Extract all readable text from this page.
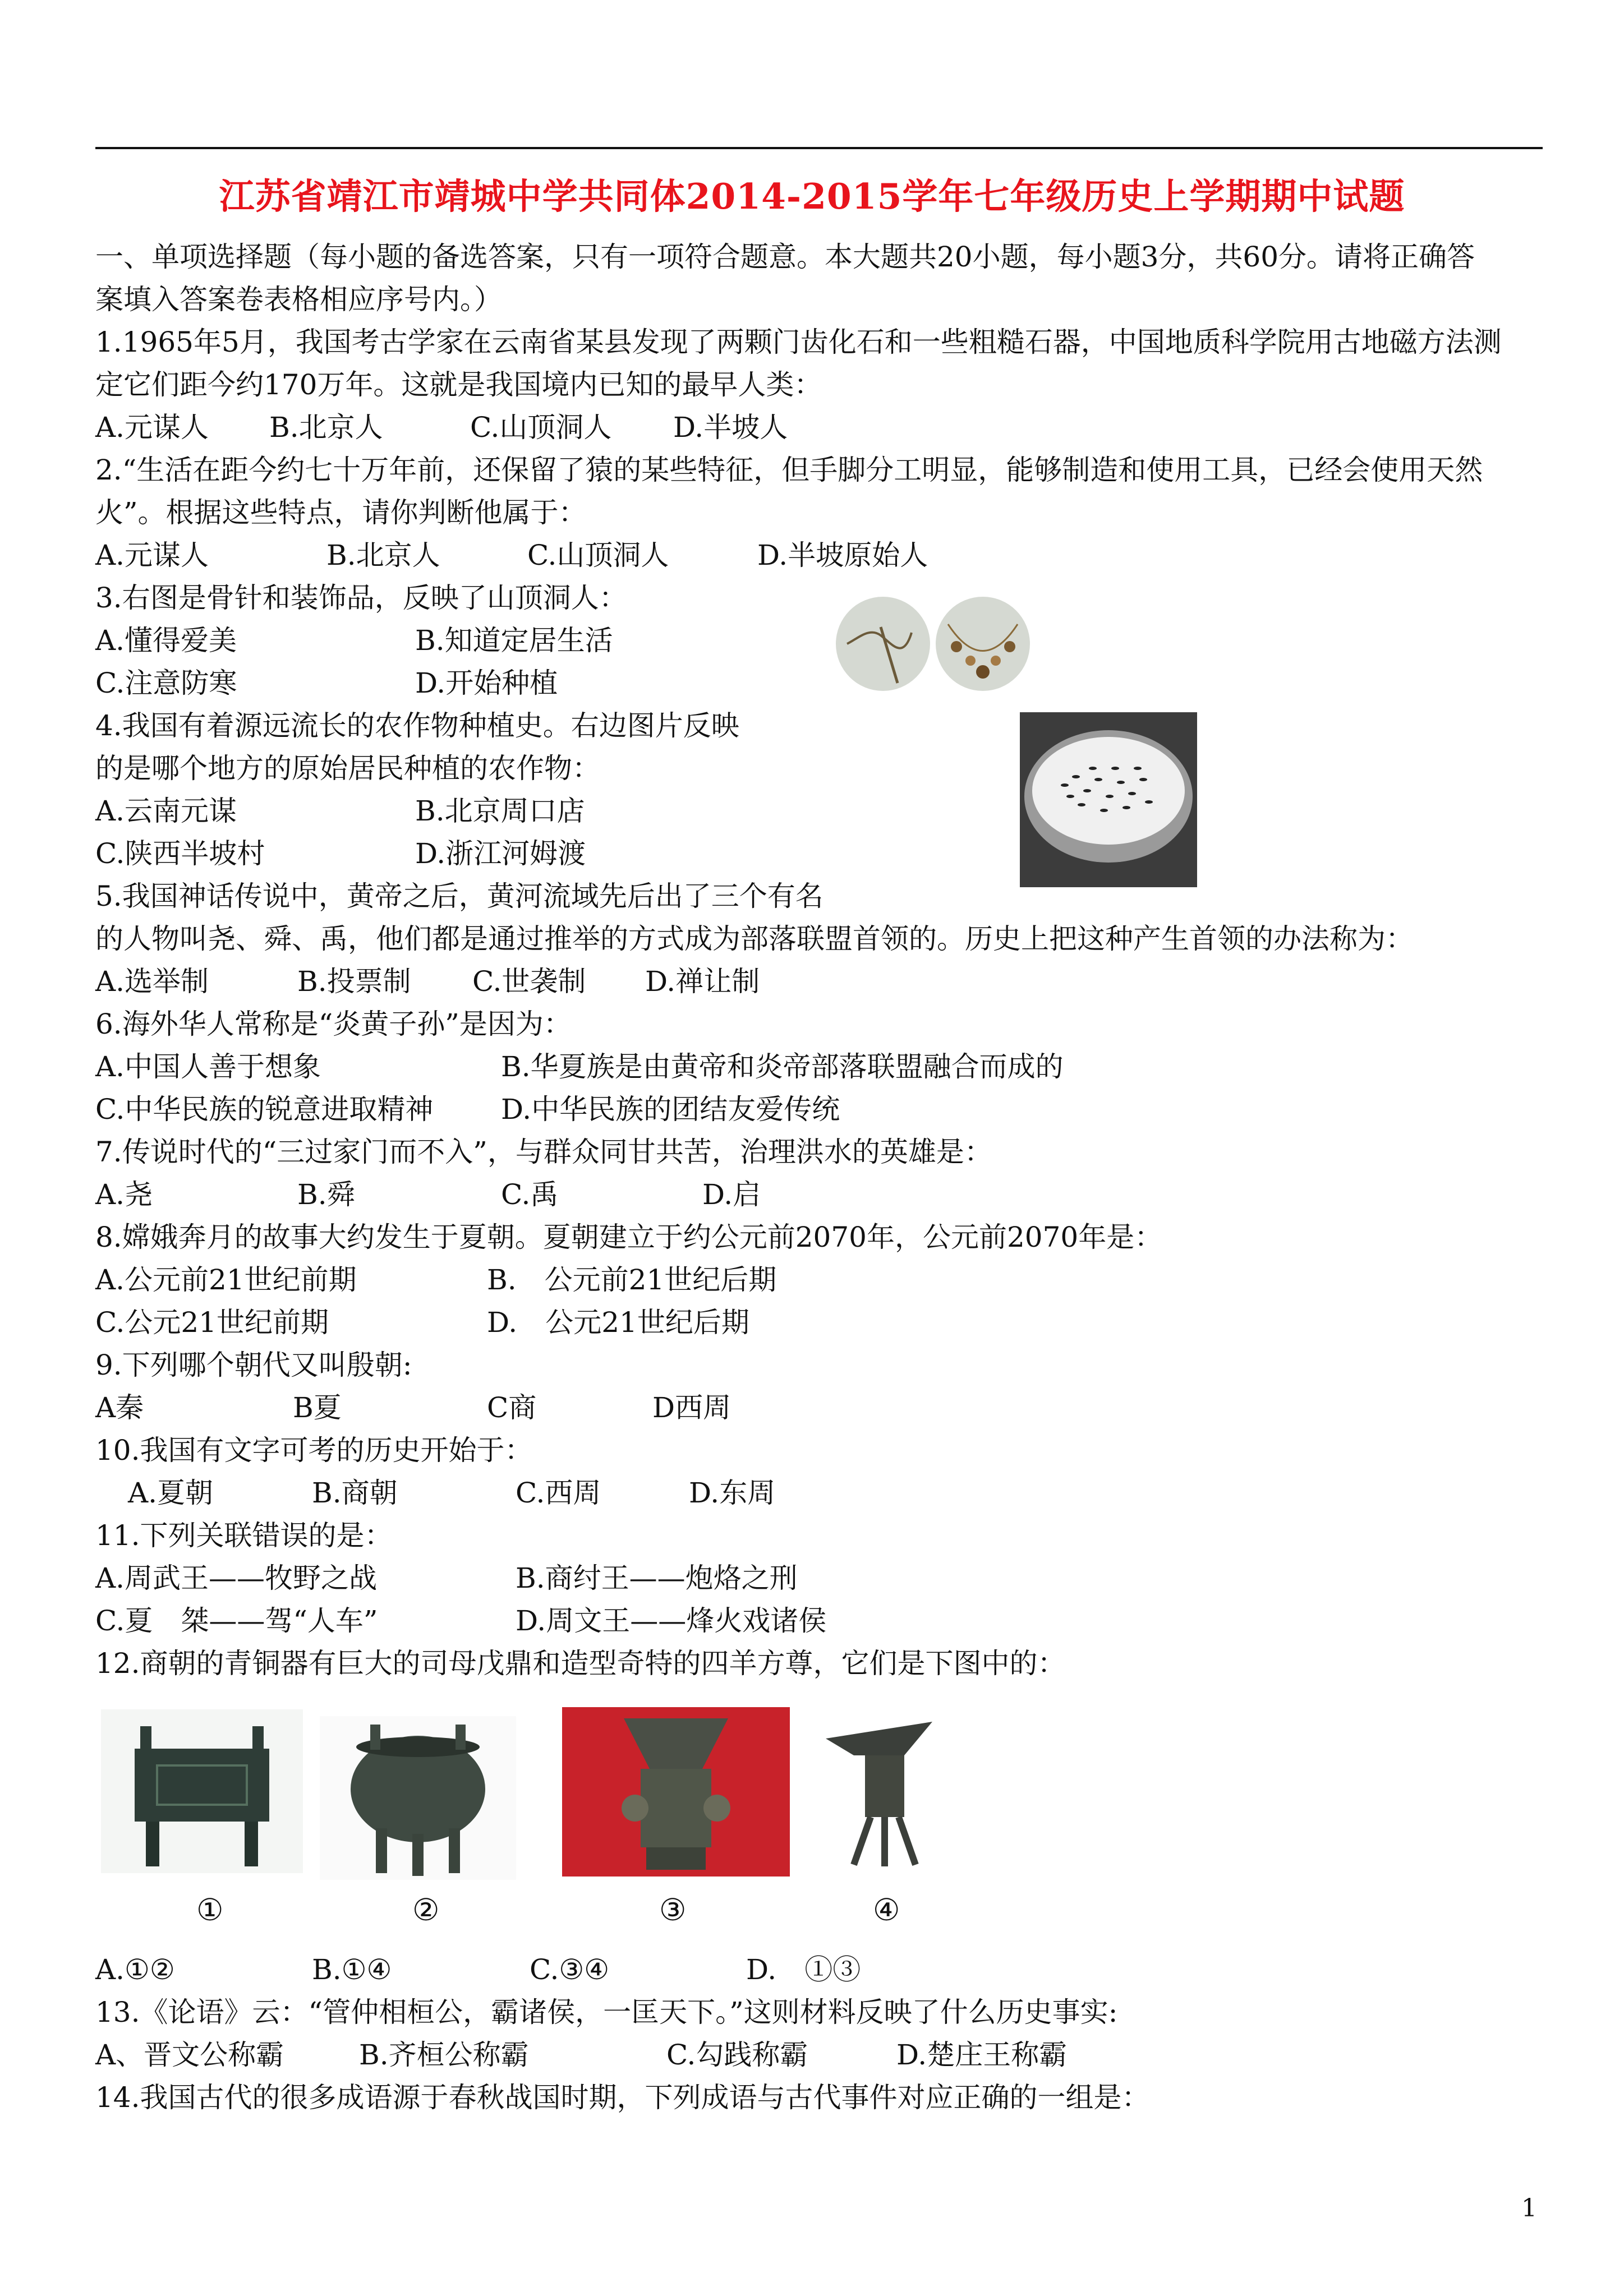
江苏省靖江市靖城中学共同体2014-2015学年七年级历史上学期期中试题
一、单项选择题（每小题的备选答案，只有一项符合题意。本大题共20小题，每小题3分，共60分。请将正确答
案填入答案卷表格相应序号内。）
1.1965年5月，我国考古学家在云南省某县发现了两颗门齿化石和一些粗糙石器，中国地质科学院用古地磁方法测
定它们距今约170万年。这就是我国境内已知的最早人类：
A.元谋人 B.北京人	C.山顶洞人 D.半坡人
2.“生活在距今约七十万年前，还保留了猿的某些特征，但手脚分工明显，能够制造和使用工具，已经会使用天然
火”。根据这些特点，请你判断他属于：
A.元谋人	B.北京人	C.山顶洞人	D.半坡原始人
3.右图是骨针和装饰品，反映了山顶洞人：
A.懂得爱美	B.知道定居生活
C.注意防寒	D.开始种植
4.我国有着源远流长的农作物种植史。右边图片反映
的是哪个地方的原始居民种植的农作物：
A.云南元谋	B.北京周口店
C.陕西半坡村	D.浙江河姆渡
5.我国神话传说中，黄帝之后，黄河流域先后出了三个有名
的人物叫尧、舜、禹，他们都是通过推举的方式成为部落联盟首领的。历史上把这种产生首领的办法称为：
A.选举制	B.投票制 C.世袭制 D.禅让制
6.海外华人常称是“炎黄子孙”是因为：
A.中国人善于想象	B.华夏族是由黄帝和炎帝部落联盟融合而成的
C.中华民族的锐意进取精神 D.中华民族的团结友爱传统
7.传说时代的“三过家门而不入”，与群众同甘共苦，治理洪水的英雄是：
A.尧	B.舜	C.禹	D.启
8.嫦娥奔月的故事大约发生于夏朝。夏朝建立于约公元前2070年，公元前2070年是：
A.公元前21世纪前期	B.　公元前21世纪后期
C.公元21世纪前期	D.　公元21世纪后期
9.下列哪个朝代又叫殷朝:
A秦	B夏	C商	D西周
10.我国有文字可考的历史开始于：
A.夏朝	B.商朝	C.西周	D.东周
11.下列关联错误的是：
A.周武王——牧野之战	B.商纣王——炮烙之刑
C.夏　桀——驾“人车”	D.周文王——烽火戏诸侯
12.商朝的青铜器有巨大的司母戊鼎和造型奇特的四羊方尊，它们是下图中的：
①	②	③	④
A.①②	B.①④	C.③④	D.　①③
13.《论语》云：“管仲相桓公，霸诸侯，一匡天下。”这则材料反映了什么历史事实:
A、晋文公称霸	B.齐桓公称霸	C.勾践称霸	D.楚庄王称霸
14.我国古代的很多成语源于春秋战国时期，下列成语与古代事件对应正确的一组是：
1
